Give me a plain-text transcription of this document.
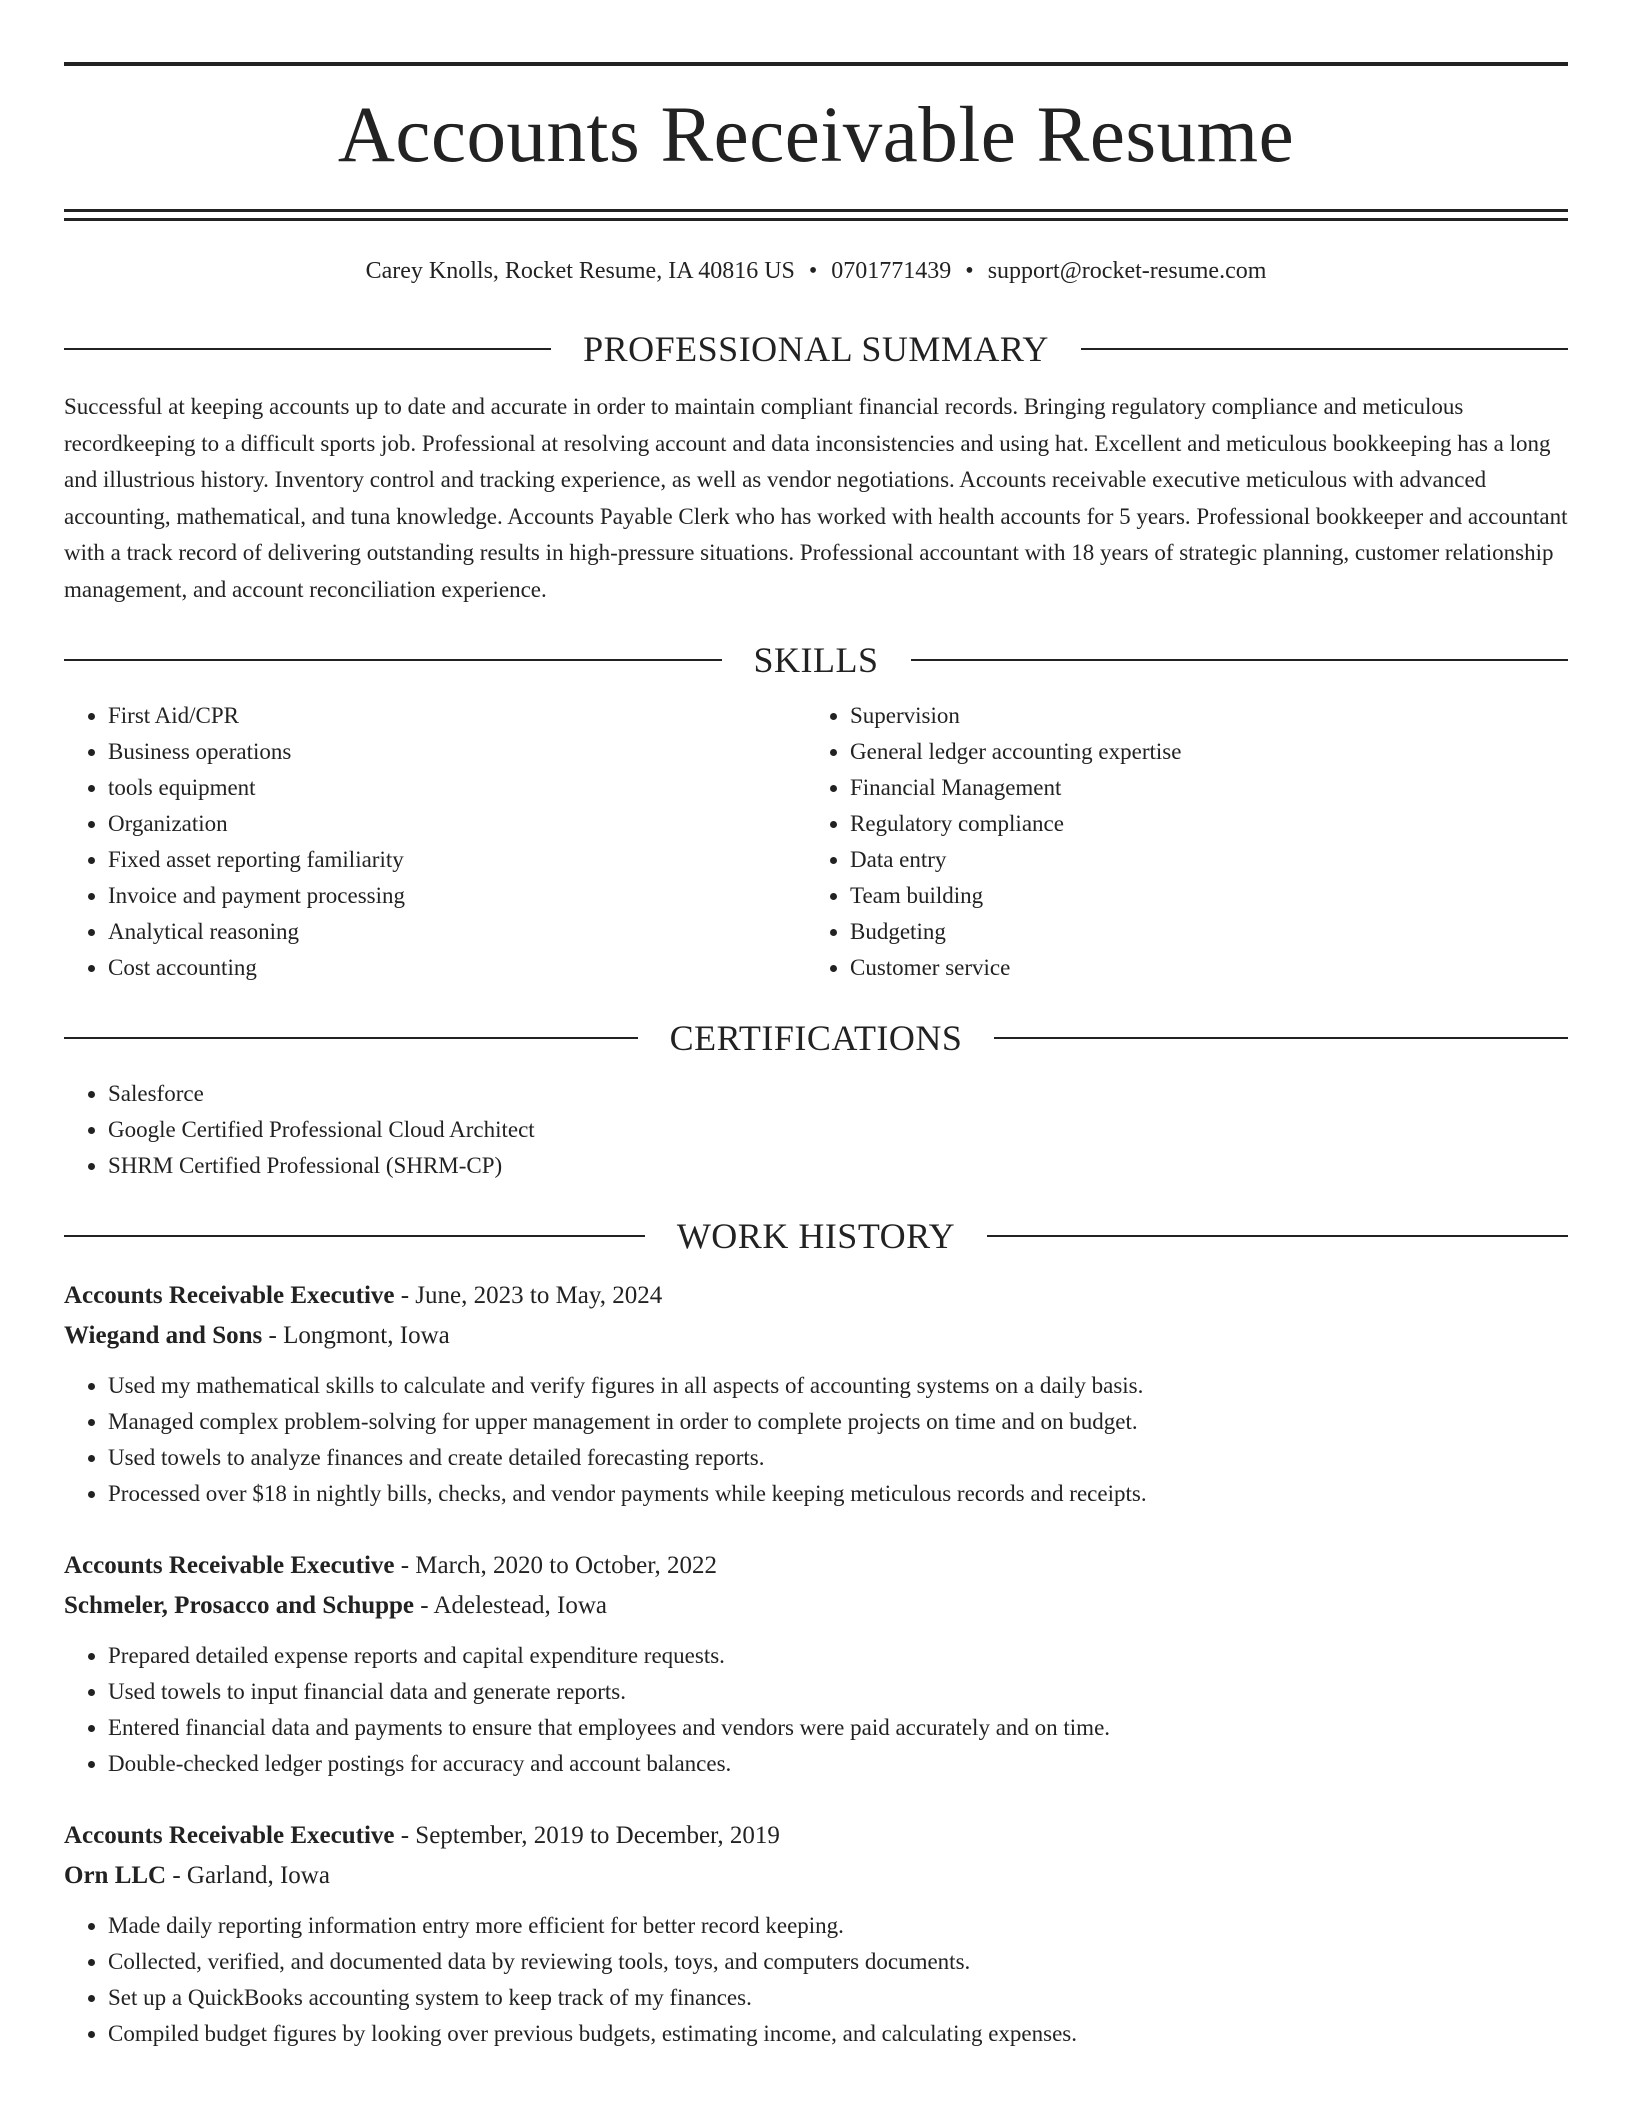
Accounts Receivable Resume
Carey Knolls, Rocket Resume, IA 40816 US • 0701771439 • support@rocket-resume.com
PROFESSIONAL SUMMARY

Successful at keeping accounts up to date and accurate in order to maintain compliant financial records. Bringing regulatory compliance and meticulous recordkeeping to a difficult sports job. Professional at resolving account and data inconsistencies and using hat. Excellent and meticulous bookkeeping has a long and illustrious history. Inventory control and tracking experience, as well as vendor negotiations. Accounts receivable executive meticulous with advanced accounting, mathematical, and tuna knowledge. Accounts Payable Clerk who has worked with health accounts for 5 years. Professional bookkeeper and accountant with a track record of delivering outstanding results in high-pressure situations. Professional accountant with 18 years of strategic planning, customer relationship management, and account reconciliation experience.

SKILLS
• First Aid/CPR
• Business operations
• tools equipment
• Organization
• Fixed asset reporting familiarity
• Invoice and payment processing
• Analytical reasoning
• Cost accounting
• Supervision
• General ledger accounting expertise
• Financial Management
• Regulatory compliance
• Data entry
• Team building
• Budgeting
• Customer service
CERTIFICATIONS
• Salesforce
• Google Certified Professional Cloud Architect
• SHRM Certified Professional (SHRM-CP)
WORK HISTORY
Accounts Receivable Executive - June, 2023 to May, 2024
Wiegand and Sons - Longmont, Iowa
• Used my mathematical skills to calculate and verify figures in all aspects of accounting systems on a daily basis.
• Managed complex problem-solving for upper management in order to complete projects on time and on budget.
• Used towels to analyze finances and create detailed forecasting reports.
• Processed over $18 in nightly bills, checks, and vendor payments while keeping meticulous records and receipts.
Accounts Receivable Executive - March, 2020 to October, 2022
Schmeler, Prosacco and Schuppe - Adelestead, Iowa
• Prepared detailed expense reports and capital expenditure requests.
• Used towels to input financial data and generate reports.
• Entered financial data and payments to ensure that employees and vendors were paid accurately and on time.
• Double-checked ledger postings for accuracy and account balances.
Accounts Receivable Executive - September, 2019 to December, 2019
Orn LLC - Garland, Iowa
• Made daily reporting information entry more efficient for better record keeping.
• Collected, verified, and documented data by reviewing tools, toys, and computers documents.
• Set up a QuickBooks accounting system to keep track of my finances.
• Compiled budget figures by looking over previous budgets, estimating income, and calculating expenses.
